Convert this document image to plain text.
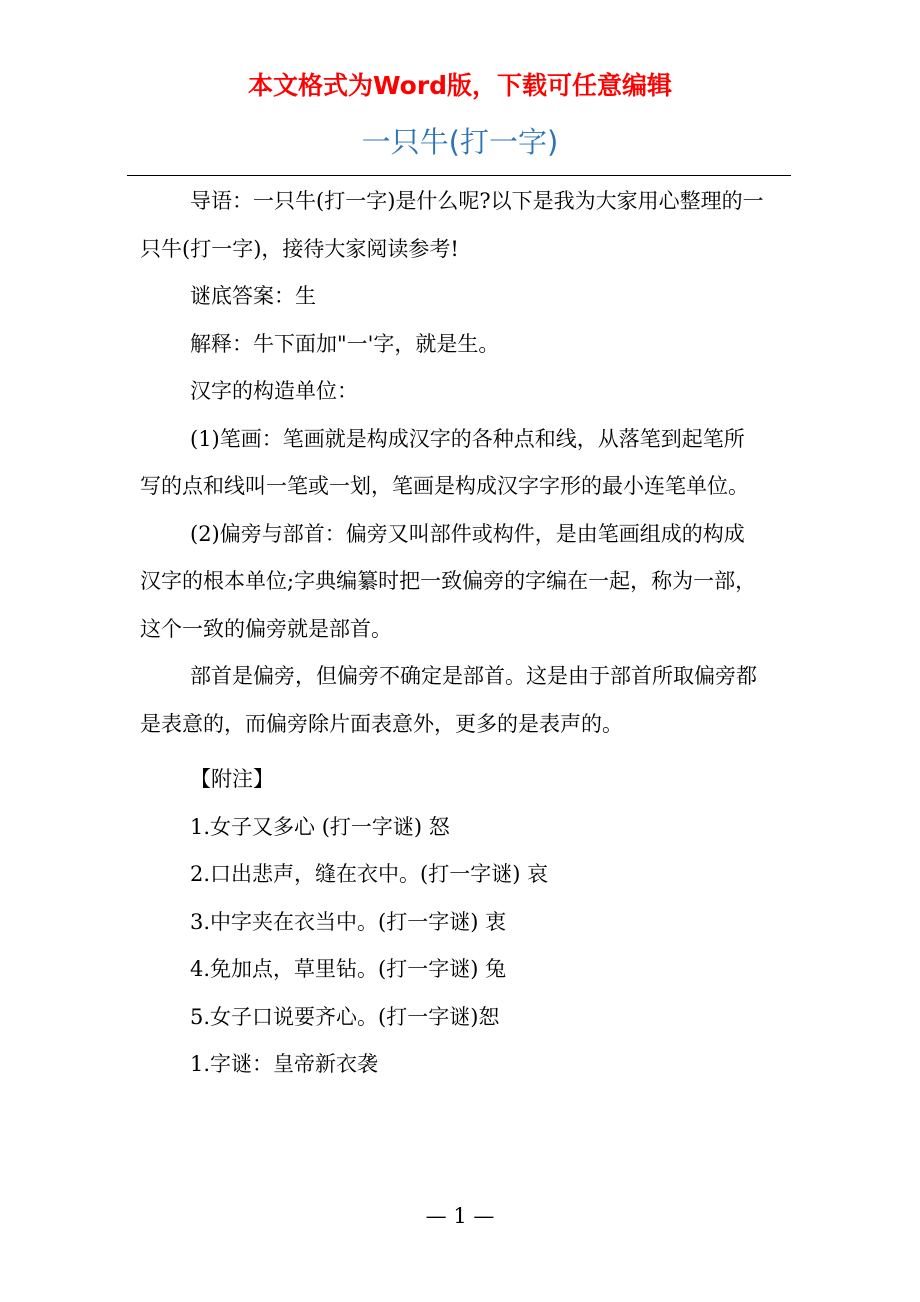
本文格式为Word版，下载可任意编辑
一只牛(打一字)

导语：一只牛(打一字)是什么呢?以下是我为大家用心整理的一只牛(打一字)，接待大家阅读参考!

谜底答案：生

解释：牛下面加"一'字，就是生。

汉字的构造单位：

(1)笔画：笔画就是构成汉字的各种点和线，从落笔到起笔所写的点和线叫一笔或一划，笔画是构成汉字字形的最小连笔单位。

(2)偏旁与部首：偏旁又叫部件或构件，是由笔画组成的构成汉字的根本单位;字典编纂时把一致偏旁的字编在一起，称为一部，这个一致的偏旁就是部首。

部首是偏旁，但偏旁不确定是部首。这是由于部首所取偏旁都是表意的，而偏旁除片面表意外，更多的是表声的。

【附注】

1.女子又多心 (打一字谜) 怒

2.口出悲声，缝在衣中。(打一字谜) 哀

3.中字夹在衣当中。(打一字谜) 衷

4.免加点，草里钻。(打一字谜) 兔

5.女子口说要齐心。(打一字谜)恕

1.字谜：皇帝新衣袭

— 1 —
